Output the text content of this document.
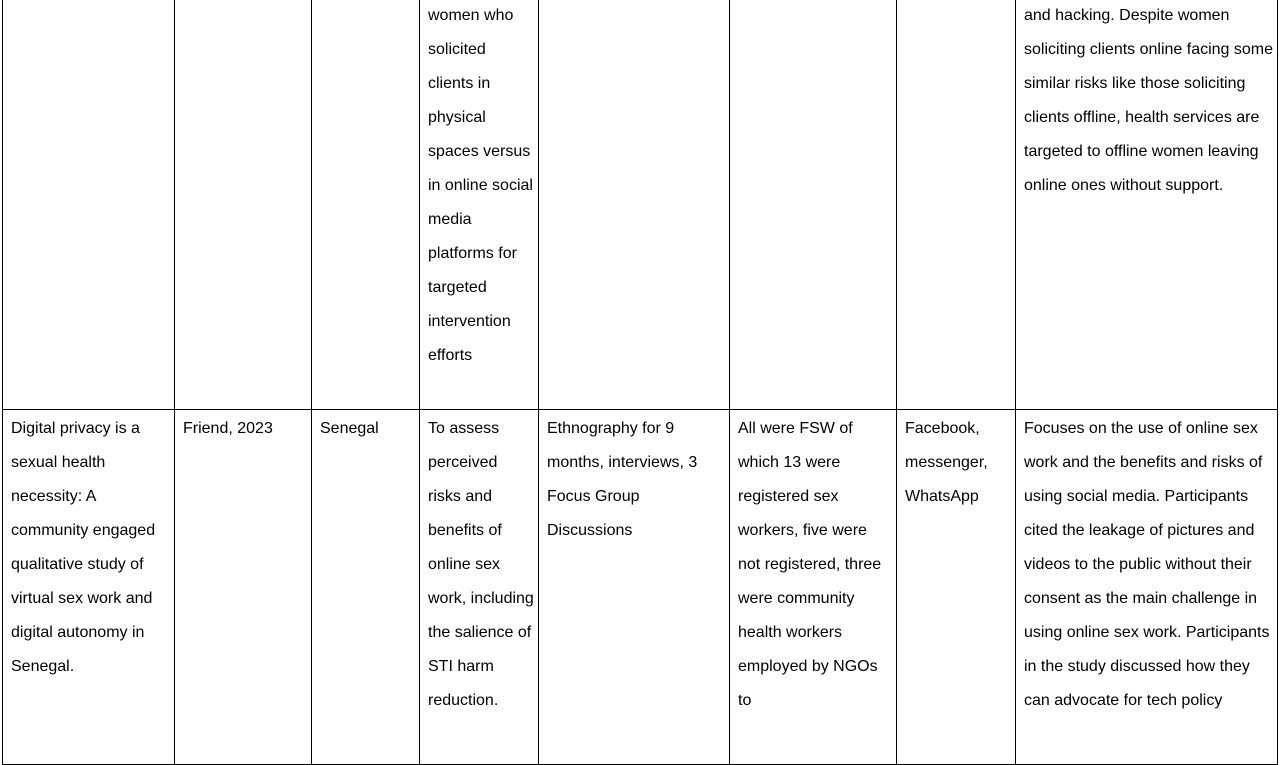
			women who solicited clients in physical spaces versus in online social media platforms for targeted intervention efforts				and hacking. Despite women soliciting clients online facing some similar risks like those soliciting clients offline, health services are targeted to offline women leaving online ones without support.

Digital privacy is a sexual health necessity: A community engaged qualitative study of virtual sex work and digital autonomy in Senegal.	Friend, 2023	Senegal	To assess perceived risks and benefits of online sex work, including the salience of STI harm reduction.	Ethnography for 9 months, interviews, 3 Focus Group Discussions	All were FSW of which 13 were registered sex workers, five were not registered, three were community health workers employed by NGOs to	Facebook, messenger, WhatsApp	Focuses on the use of online sex work and the benefits and risks of using social media. Participants cited the leakage of pictures and videos to the public without their consent as the main challenge in using online sex work. Participants in the study discussed how they can advocate for tech policy
